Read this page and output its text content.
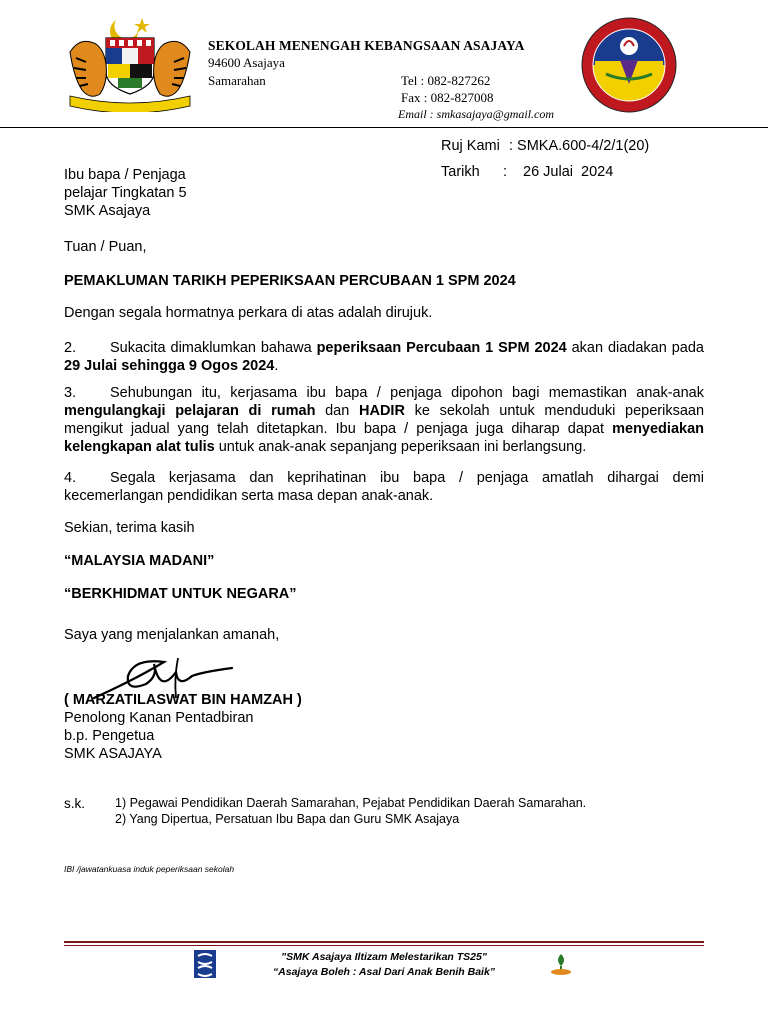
SEKOLAH MENENGAH KEBANGSAAN ASAJAYA
94600 Asajaya
Samarahan	Tel : 082-827262
Fax : 082-827008
Email : smkasajaya@gmail.com
Ruj Kami : SMKA.600-4/2/1(20)
Tarikh : 26 Julai  2024
Ibu bapa / Penjaga
pelajar Tingkatan 5
SMK Asajaya
Tuan / Puan,
PEMAKLUMAN TARIKH PEPERIKSAAN PERCUBAAN 1 SPM 2024
Dengan segala hormatnya perkara di atas adalah dirujuk.
2. Sukacita dimaklumkan bahawa peperiksaan Percubaan 1 SPM 2024 akan diadakan pada 29 Julai sehingga 9 Ogos 2024.
3. Sehubungan itu, kerjasama ibu bapa / penjaga dipohon bagi memastikan anak-anak mengulangkaji pelajaran di rumah dan HADIR ke sekolah untuk menduduki peperiksaan mengikut jadual yang telah ditetapkan. Ibu bapa / penjaga juga diharap dapat menyediakan kelengkapan alat tulis untuk anak-anak sepanjang peperiksaan ini berlangsung.
4. Segala kerjasama dan keprihatinan ibu bapa / penjaga amatlah dihargai demi kecemerlangan pendidikan serta masa depan anak-anak.
Sekian, terima kasih
“MALAYSIA MADANI”
“BERKHIDMAT UNTUK NEGARA”
Saya yang menjalankan amanah,
( MARZATILASWAT BIN HAMZAH )
Penolong Kanan Pentadbiran
b.p. Pengetua
SMK ASAJAYA
s.k. 1) Pegawai Pendidikan Daerah Samarahan, Pejabat Pendidikan Daerah Samarahan.
2) Yang Dipertua, Persatuan Ibu Bapa dan Guru SMK Asajaya
IBI /jawatankuasa induk peperiksaan sekolah
"SMK Asajaya Iltizam Melestarikan TS25"
“Asajaya Boleh : Asal Dari Anak Benih Baik”
